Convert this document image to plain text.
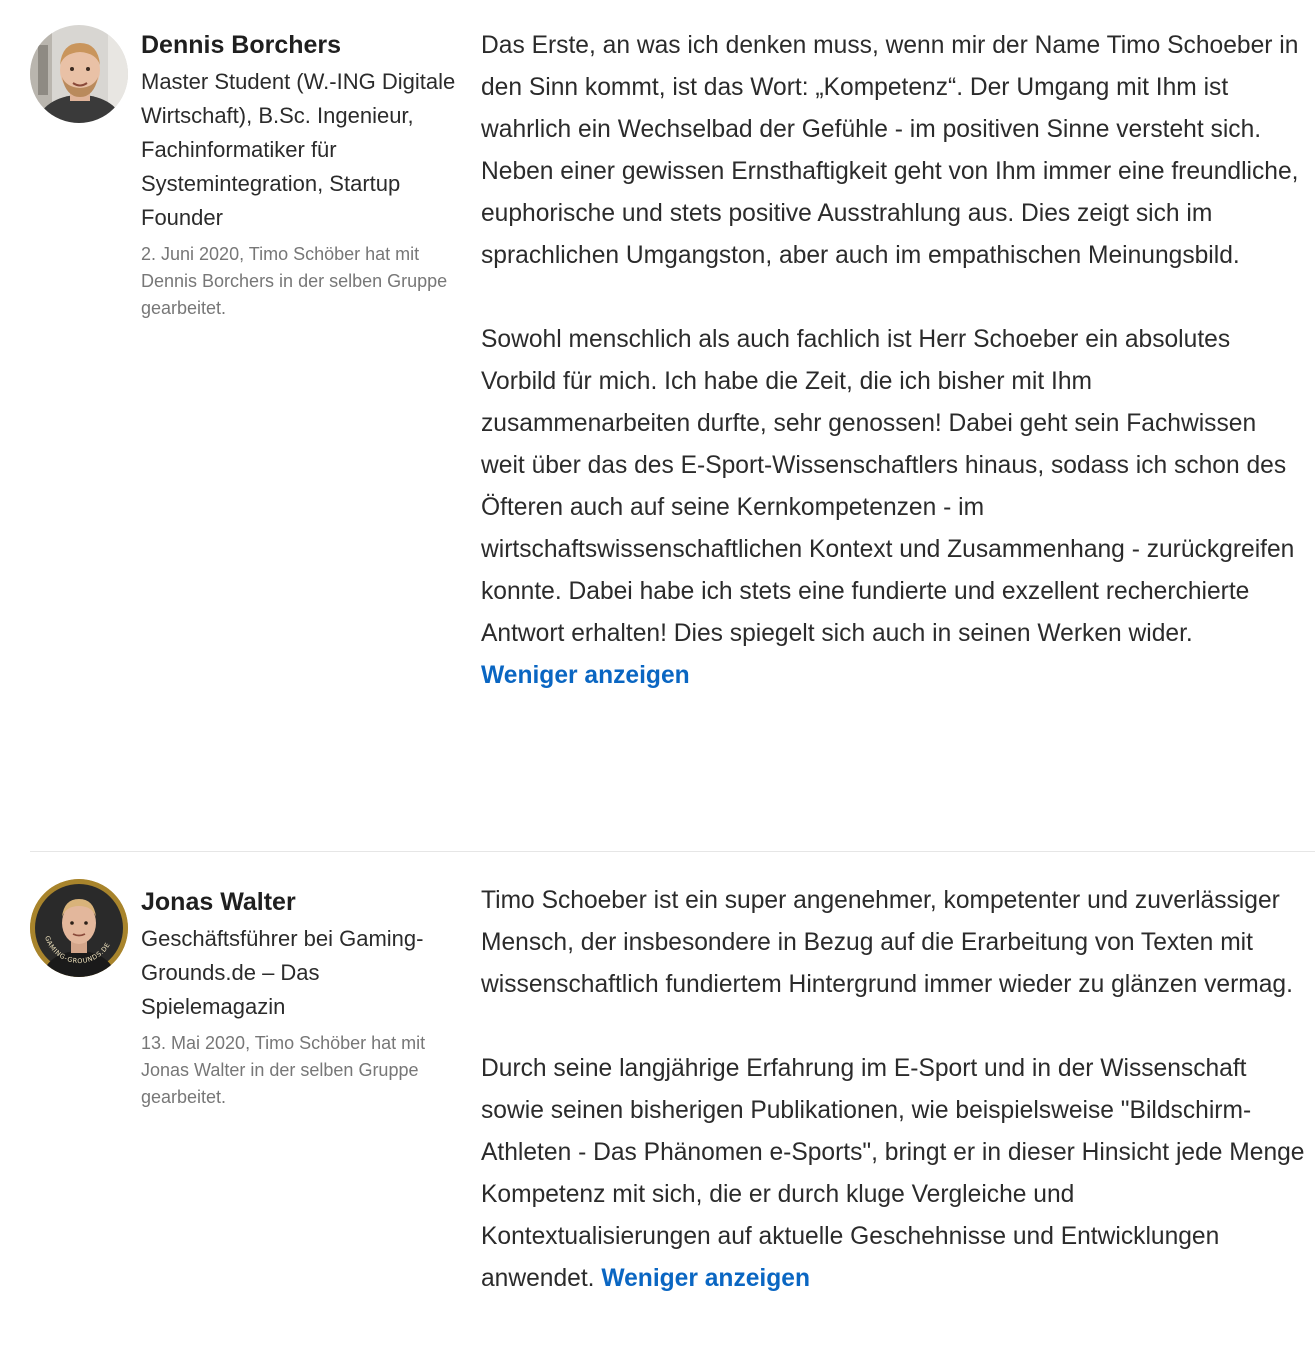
Dennis Borchers
Master Student (W.-ING Digitale Wirtschaft), B.Sc. Ingenieur, Fachinformatiker für Systemintegration, Startup Founder
2. Juni 2020, Timo Schöber hat mit Dennis Borchers in der selben Gruppe gearbeitet.

Das Erste, an was ich denken muss, wenn mir der Name Timo Schoeber in den Sinn kommt, ist das Wort: „Kompetenz“. Der Umgang mit Ihm ist wahrlich ein Wechselbad der Gefühle - im positiven Sinne versteht sich. Neben einer gewissen Ernsthaftigkeit geht von Ihm immer eine freundliche, euphorische und stets positive Ausstrahlung aus. Dies zeigt sich im sprachlichen Umgangston, aber auch im empathischen Meinungsbild.

Sowohl menschlich als auch fachlich ist Herr Schoeber ein absolutes Vorbild für mich. Ich habe die Zeit, die ich bisher mit Ihm zusammenarbeiten durfte, sehr genossen! Dabei geht sein Fachwissen weit über das des E-Sport-Wissenschaftlers hinaus, sodass ich schon des Öfteren auch auf seine Kernkompetenzen - im wirtschaftswissenschaftlichen Kontext und Zusammenhang - zurückgreifen konnte. Dabei habe ich stets eine fundierte und exzellent recherchierte Antwort erhalten! Dies spiegelt sich auch in seinen Werken wider.

Weniger anzeigen
GAMING-GROUNDS.DE
Jonas Walter
Geschäftsführer bei Gaming-Grounds.de – Das Spielemagazin
13. Mai 2020, Timo Schöber hat mit Jonas Walter in der selben Gruppe gearbeitet.

Timo Schoeber ist ein super angenehmer, kompetenter und zuverlässiger Mensch, der insbesondere in Bezug auf die Erarbeitung von Texten mit wissenschaftlich fundiertem Hintergrund immer wieder zu glänzen vermag.

Durch seine langjährige Erfahrung im E-Sport und in der Wissenschaft sowie seinen bisherigen Publikationen, wie beispielsweise "Bildschirm-Athleten - Das Phänomen e-Sports", bringt er in dieser Hinsicht jede Menge Kompetenz mit sich, die er durch kluge Vergleiche und Kontextualisierungen auf aktuelle Geschehnisse und Entwicklungen anwendet. Weniger anzeigen
